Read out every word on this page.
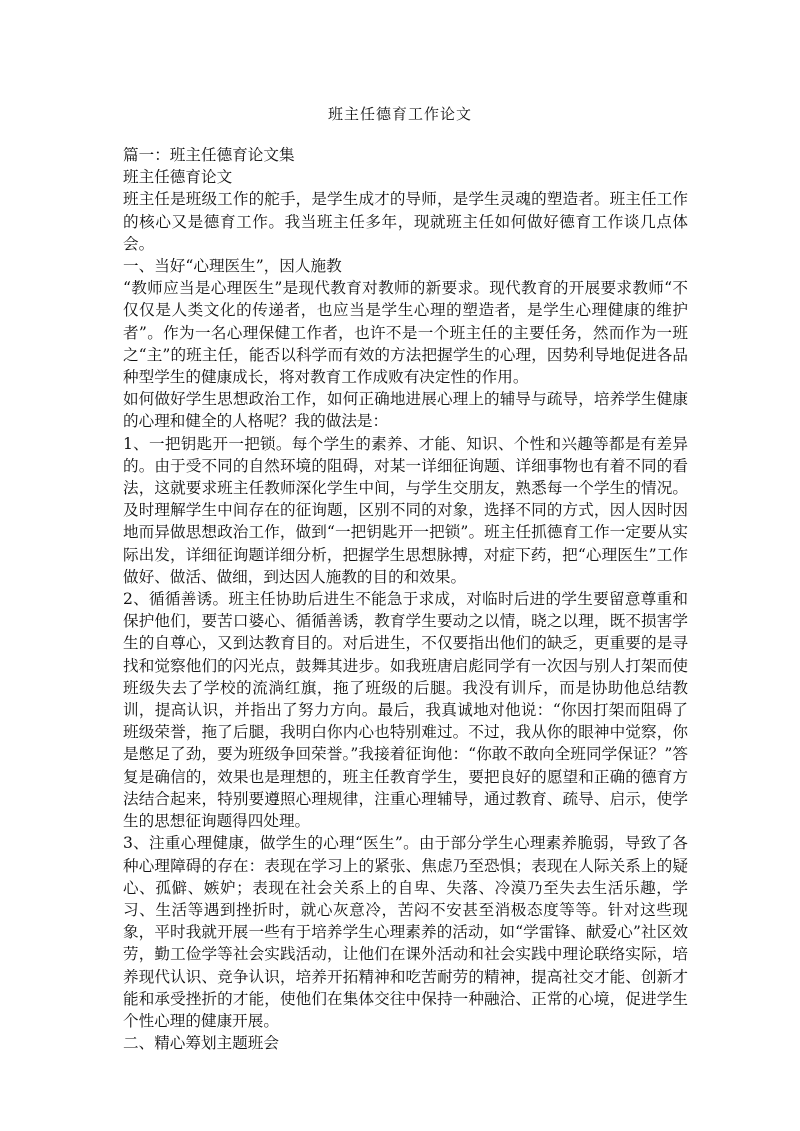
班主任德育工作论文

篇一：班主任德育论文集

班主任德育论文

班主任是班级工作的舵手，是学生成才的导师，是学生灵魂的塑造者。班主任工作的核心又是德育工作。我当班主任多年，现就班主任如何做好德育工作谈几点体会。

一、当好“心理医生”，因人施教

“教师应当是心理医生”是现代教育对教师的新要求。现代教育的开展要求教师“不仅仅是人类文化的传递者，也应当是学生心理的塑造者，是学生心理健康的维护者”。作为一名心理保健工作者，也许不是一个班主任的主要任务，然而作为一班之“主”的班主任，能否以科学而有效的方法把握学生的心理，因势利导地促进各品种型学生的健康成长，将对教育工作成败有决定性的作用。

如何做好学生思想政治工作，如何正确地进展心理上的辅导与疏导，培养学生健康的心理和健全的人格呢？我的做法是：

1、一把钥匙开一把锁。每个学生的素养、才能、知识、个性和兴趣等都是有差异的。由于受不同的自然环境的阻碍，对某一详细征询题、详细事物也有着不同的看法，这就要求班主任教师深化学生中间，与学生交朋友，熟悉每一个学生的情况。及时理解学生中间存在的征询题，区别不同的对象，选择不同的方式，因人因时因地而异做思想政治工作，做到“一把钥匙开一把锁”。班主任抓德育工作一定要从实际出发，详细征询题详细分析，把握学生思想脉搏，对症下药，把“心理医生”工作做好、做活、做细，到达因人施教的目的和效果。

2、循循善诱。班主任协助后进生不能急于求成，对临时后进的学生要留意尊重和保护他们，要苦口婆心、循循善诱，教育学生要动之以情，晓之以理，既不损害学生的自尊心，又到达教育目的。对后进生，不仅要指出他们的缺乏，更重要的是寻找和觉察他们的闪光点，鼓舞其进步。如我班唐启彪同学有一次因与别人打架而使班级失去了学校的流淌红旗，拖了班级的后腿。我没有训斥，而是协助他总结教训，提高认识，并指出了努力方向。最后，我真诚地对他说：“你因打架而阻碍了班级荣誉，拖了后腿，我明白你内心也特别难过。不过，我从你的眼神中觉察，你是憋足了劲，要为班级争回荣誉。”我接着征询他：“你敢不敢向全班同学保证？”答复是确信的，效果也是理想的，班主任教育学生，要把良好的愿望和正确的德育方法结合起来，特别要遵照心理规律，注重心理辅导，通过教育、疏导、启示，使学生的思想征询题得四处理。

3、注重心理健康，做学生的心理“医生”。由于部分学生心理素养脆弱，导致了各种心理障碍的存在：表现在学习上的紧张、焦虑乃至恐惧；表现在人际关系上的疑心、孤僻、嫉妒；表现在社会关系上的自卑、失落、冷漠乃至失去生活乐趣，学习、生活等遇到挫折时，就心灰意冷，苦闷不安甚至消极态度等等。针对这些现象，平时我就开展一些有于培养学生心理素养的活动，如“学雷锋、献爱心”社区效劳，勤工俭学等社会实践活动，让他们在课外活动和社会实践中理论联络实际，培养现代认识、竞争认识，培养开拓精神和吃苦耐劳的精神，提高社交才能、创新才能和承受挫折的才能，使他们在集体交往中保持一种融洽、正常的心境，促进学生个性心理的健康开展。

二、精心筹划主题班会
